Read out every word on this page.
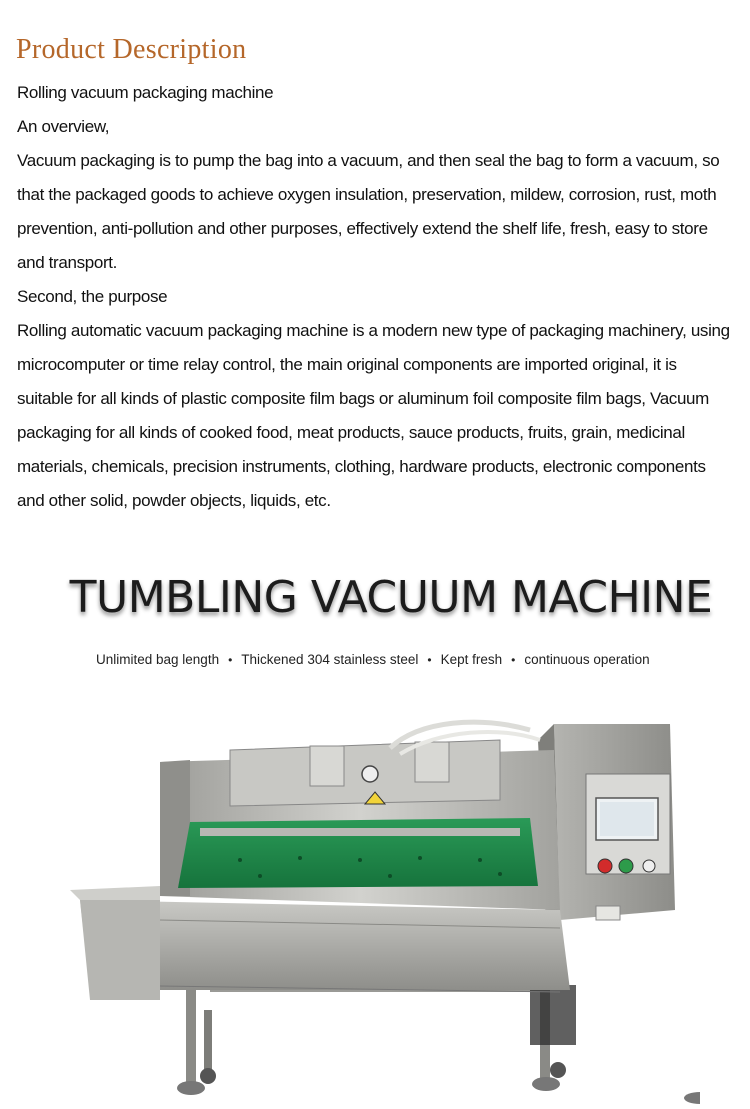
Product Description

Rolling vacuum packaging machine

An overview,

Vacuum packaging is to pump the bag into a vacuum, and then seal the bag to form a vacuum, so that the packaged goods to achieve oxygen insulation, preservation, mildew, corrosion, rust, moth prevention, anti-pollution and other purposes, effectively extend the shelf life, fresh, easy to store and transport.

Second, the purpose

Rolling automatic vacuum packaging machine is a modern new type of packaging machinery, using microcomputer or time relay control, the main original components are imported original, it is suitable for all kinds of plastic composite film bags or aluminum foil composite film bags, Vacuum packaging for all kinds of cooked food, meat products, sauce products, fruits, grain, medicinal materials, chemicals, precision instruments, clothing, hardware products, electronic components and other solid, powder objects, liquids, etc.

TUMBLING VACUUM MACHINE
Unlimited bag length • Thickened 304 stainless steel • Kept fresh • continuous operation
